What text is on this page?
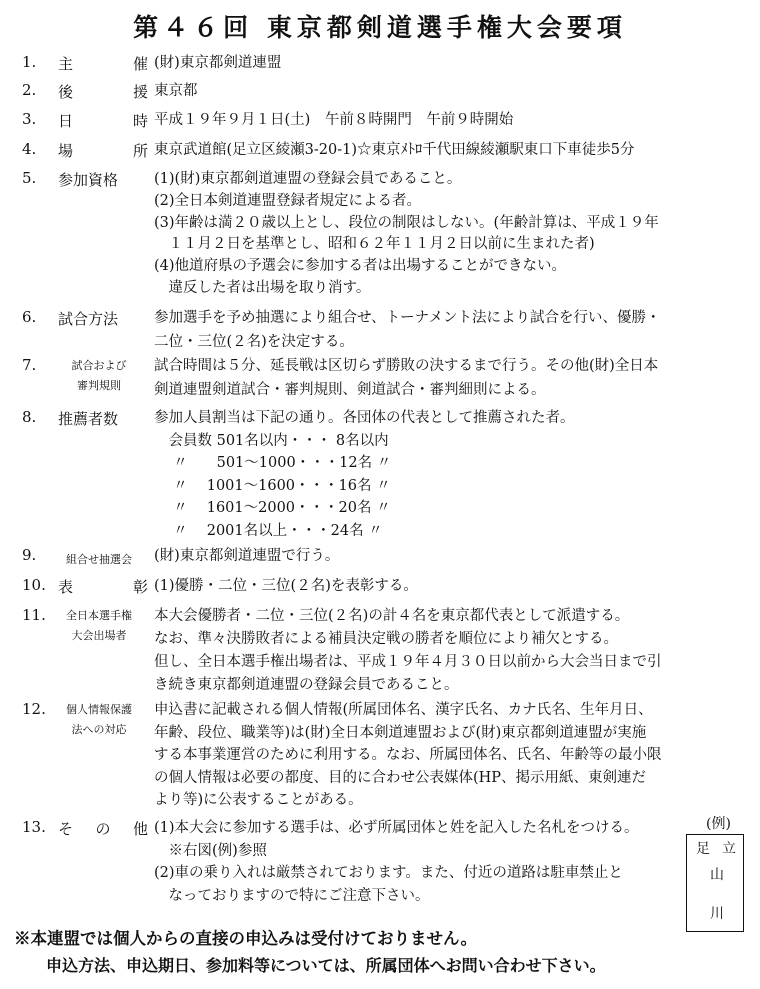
第４６回 東京都剣道選手権大会要項
1. 主	催 (財)東京都剣道連盟
2. 後	援 東京都
3. 日	時 平成１９年９月１日(土)　午前８時開門　午前９時開始
4. 場	所 東京武道館(足立区綾瀬3-20-1)☆東京ﾒﾄﾛ千代田線綾瀬駅東口下車徒歩5分
5. 参加資格 (1)(財)東京都剣道連盟の登録会員であること。
(2)全日本剣道連盟登録者規定による者。
(3)年齢は満２０歳以上とし、段位の制限はしない。(年齢計算は、平成１９年
　１１月２日を基準とし、昭和６２年１１月２日以前に生まれた者)
(4)他道府県の予選会に参加する者は出場することができない。
　違反した者は出場を取り消す。
6. 試合方法 参加選手を予め抽選により組合せ、トーナメント法により試合を行い、優勝・
二位・三位(２名)を決定する。
7.	試合および
審判規則
試合時間は５分、延長戦は区切らず勝敗の決するまで行う。その他(財)全日本
剣道連盟剣道試合・審判規則、剣道試合・審判細則による。
8. 推薦者数 参加人員割当は下記の通り。各団体の代表として推薦された者。
　会員数 501名以内・・・ 8名以内
　 〃　　501～1000・・・12名 〃
　 〃　 1001～1600・・・16名 〃
　 〃　 1601～2000・・・20名 〃
　 〃　 2001名以上・・・24名 〃
9.	組合せ抽選会	(財)東京都剣道連盟で行う。
10. 表	彰 (1)優勝・二位・三位(２名)を表彰する。
11.	全日本選手権
大会出場者
本大会優勝者・二位・三位(２名)の計４名を東京都代表として派遣する。
なお、準々決勝敗者による補員決定戦の勝者を順位により補欠とする。
但し、全日本選手権出場者は、平成１９年４月３０日以前から大会当日まで引
き続き東京都剣道連盟の登録会員であること。
12.	個人情報保護
法への対応
申込書に記載される個人情報(所属団体名、漢字氏名、カナ氏名、生年月日、
年齢、段位、職業等)は(財)全日本剣道連盟および(財)東京都剣道連盟が実施
する本事業運営のために利用する。なお、所属団体名、氏名、年齢等の最小限
の個人情報は必要の都度、目的に合わせ公表媒体(HP、掲示用紙、東剣連だ
より等)に公表することがある。
13. そ の 他 (1)本大会に参加する選手は、必ず所属団体と姓を記入した名札をつける。
　※右図(例)参照
(2)車の乗り入れは厳禁されております。また、付近の道路は駐車禁止と
　なっておりますので特にご注意下さい。
(例)
足 立
山
川
※本連盟では個人からの直接の申込みは受付けておりません。
申込方法、申込期日、参加料等については、所属団体へお問い合わせ下さい。
